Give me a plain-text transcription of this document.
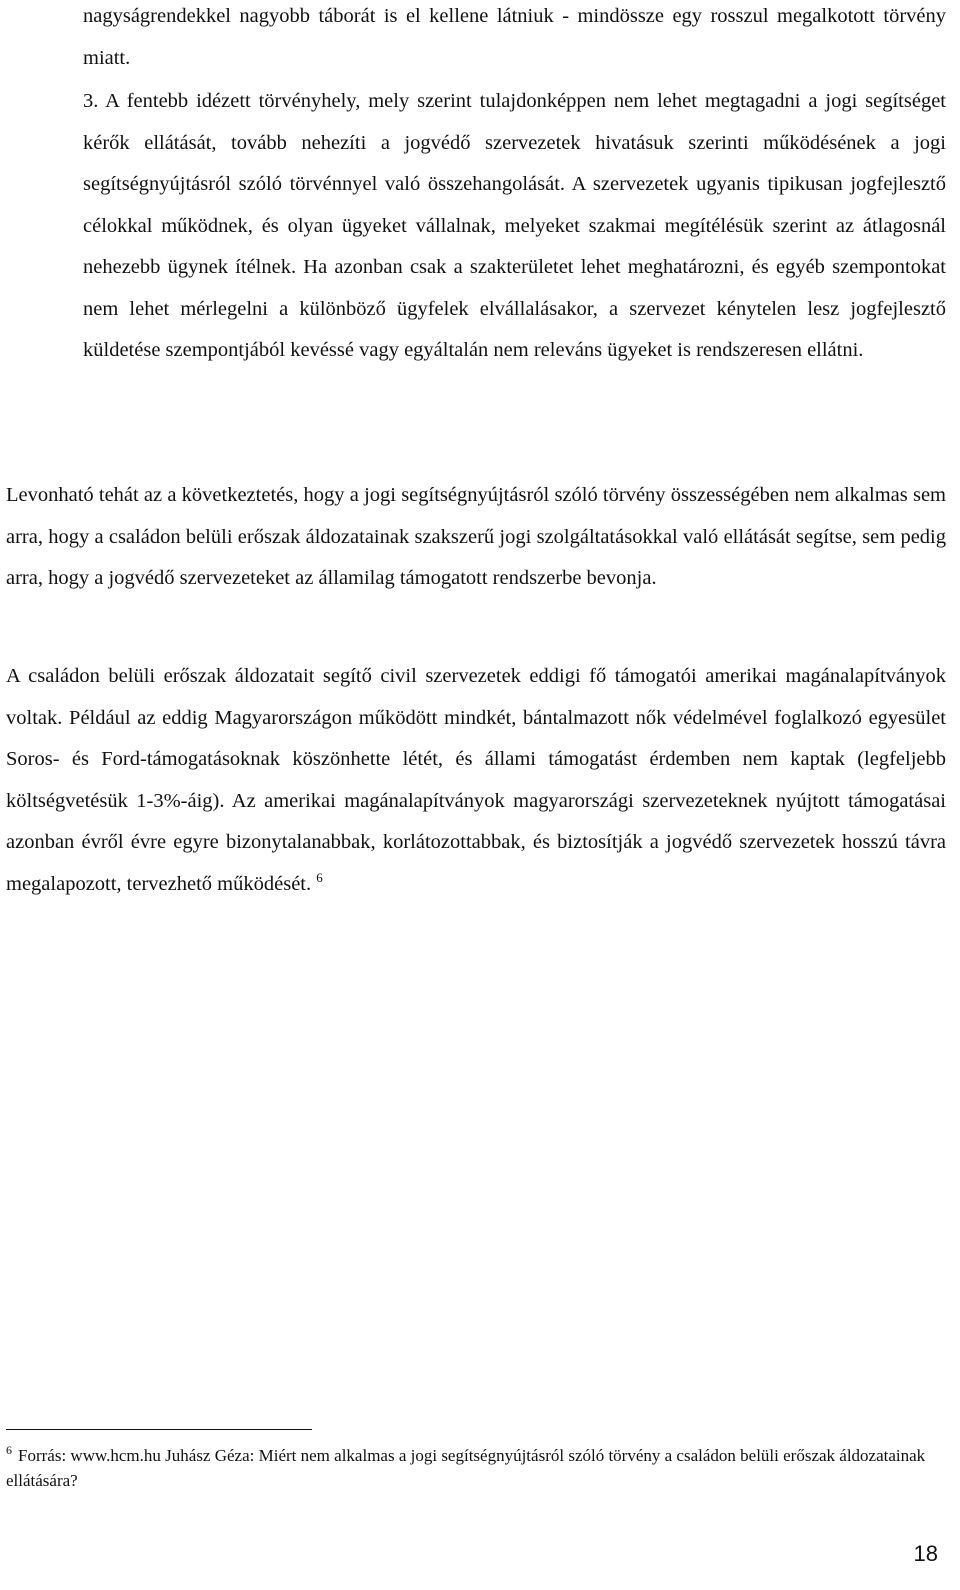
nagyságrendekkel nagyobb táborát is el kellene látniuk - mindössze egy rosszul megalkotott törvény miatt.

3. A fentebb idézett törvényhely, mely szerint tulajdonképpen nem lehet megtagadni a jogi segítséget kérők ellátását, tovább nehezíti a jogvédő szervezetek hivatásuk szerinti működésének a jogi segítségnyújtásról szóló törvénnyel való összehangolását. A szervezetek ugyanis tipikusan jogfejlesztő célokkal működnek, és olyan ügyeket vállalnak, melyeket szakmai megítélésük szerint az átlagosnál nehezebb ügynek ítélnek. Ha azonban csak a szakterületet lehet meghatározni, és egyéb szempontokat nem lehet mérlegelni a különböző ügyfelek elvállalásakor, a szervezet kénytelen lesz jogfejlesztő küldetése szempontjából kevéssé vagy egyáltalán nem releváns ügyeket is rendszeresen ellátni.

Levonható tehát az a következtetés, hogy a jogi segítségnyújtásról szóló törvény összességében nem alkalmas sem arra, hogy a családon belüli erőszak áldozatainak szakszerű jogi szolgáltatásokkal való ellátását segítse, sem pedig arra, hogy a jogvédő szervezeteket az államilag támogatott rendszerbe bevonja.

A családon belüli erőszak áldozatait segítő civil szervezetek eddigi fő támogatói amerikai magánalapítványok voltak. Például az eddig Magyarországon működött mindkét, bántalmazott nők védelmével foglalkozó egyesület Soros- és Ford-támogatásoknak köszönhette létét, és állami támogatást érdemben nem kaptak (legfeljebb költségvetésük 1-3%-áig). Az amerikai magánalapítványok magyarországi szervezeteknek nyújtott támogatásai azonban évről évre egyre bizonytalanabbak, korlátozottabbak, és biztosítják a jogvédő szervezetek hosszú távra megalapozott, tervezhető működését. $^6$

$^6$ Forrás: www.hcm.hu Juhász Géza: Miért nem alkalmas a jogi segítségnyújtásról szóló törvény a családon belüli erőszak áldozatainak ellátására?

18
